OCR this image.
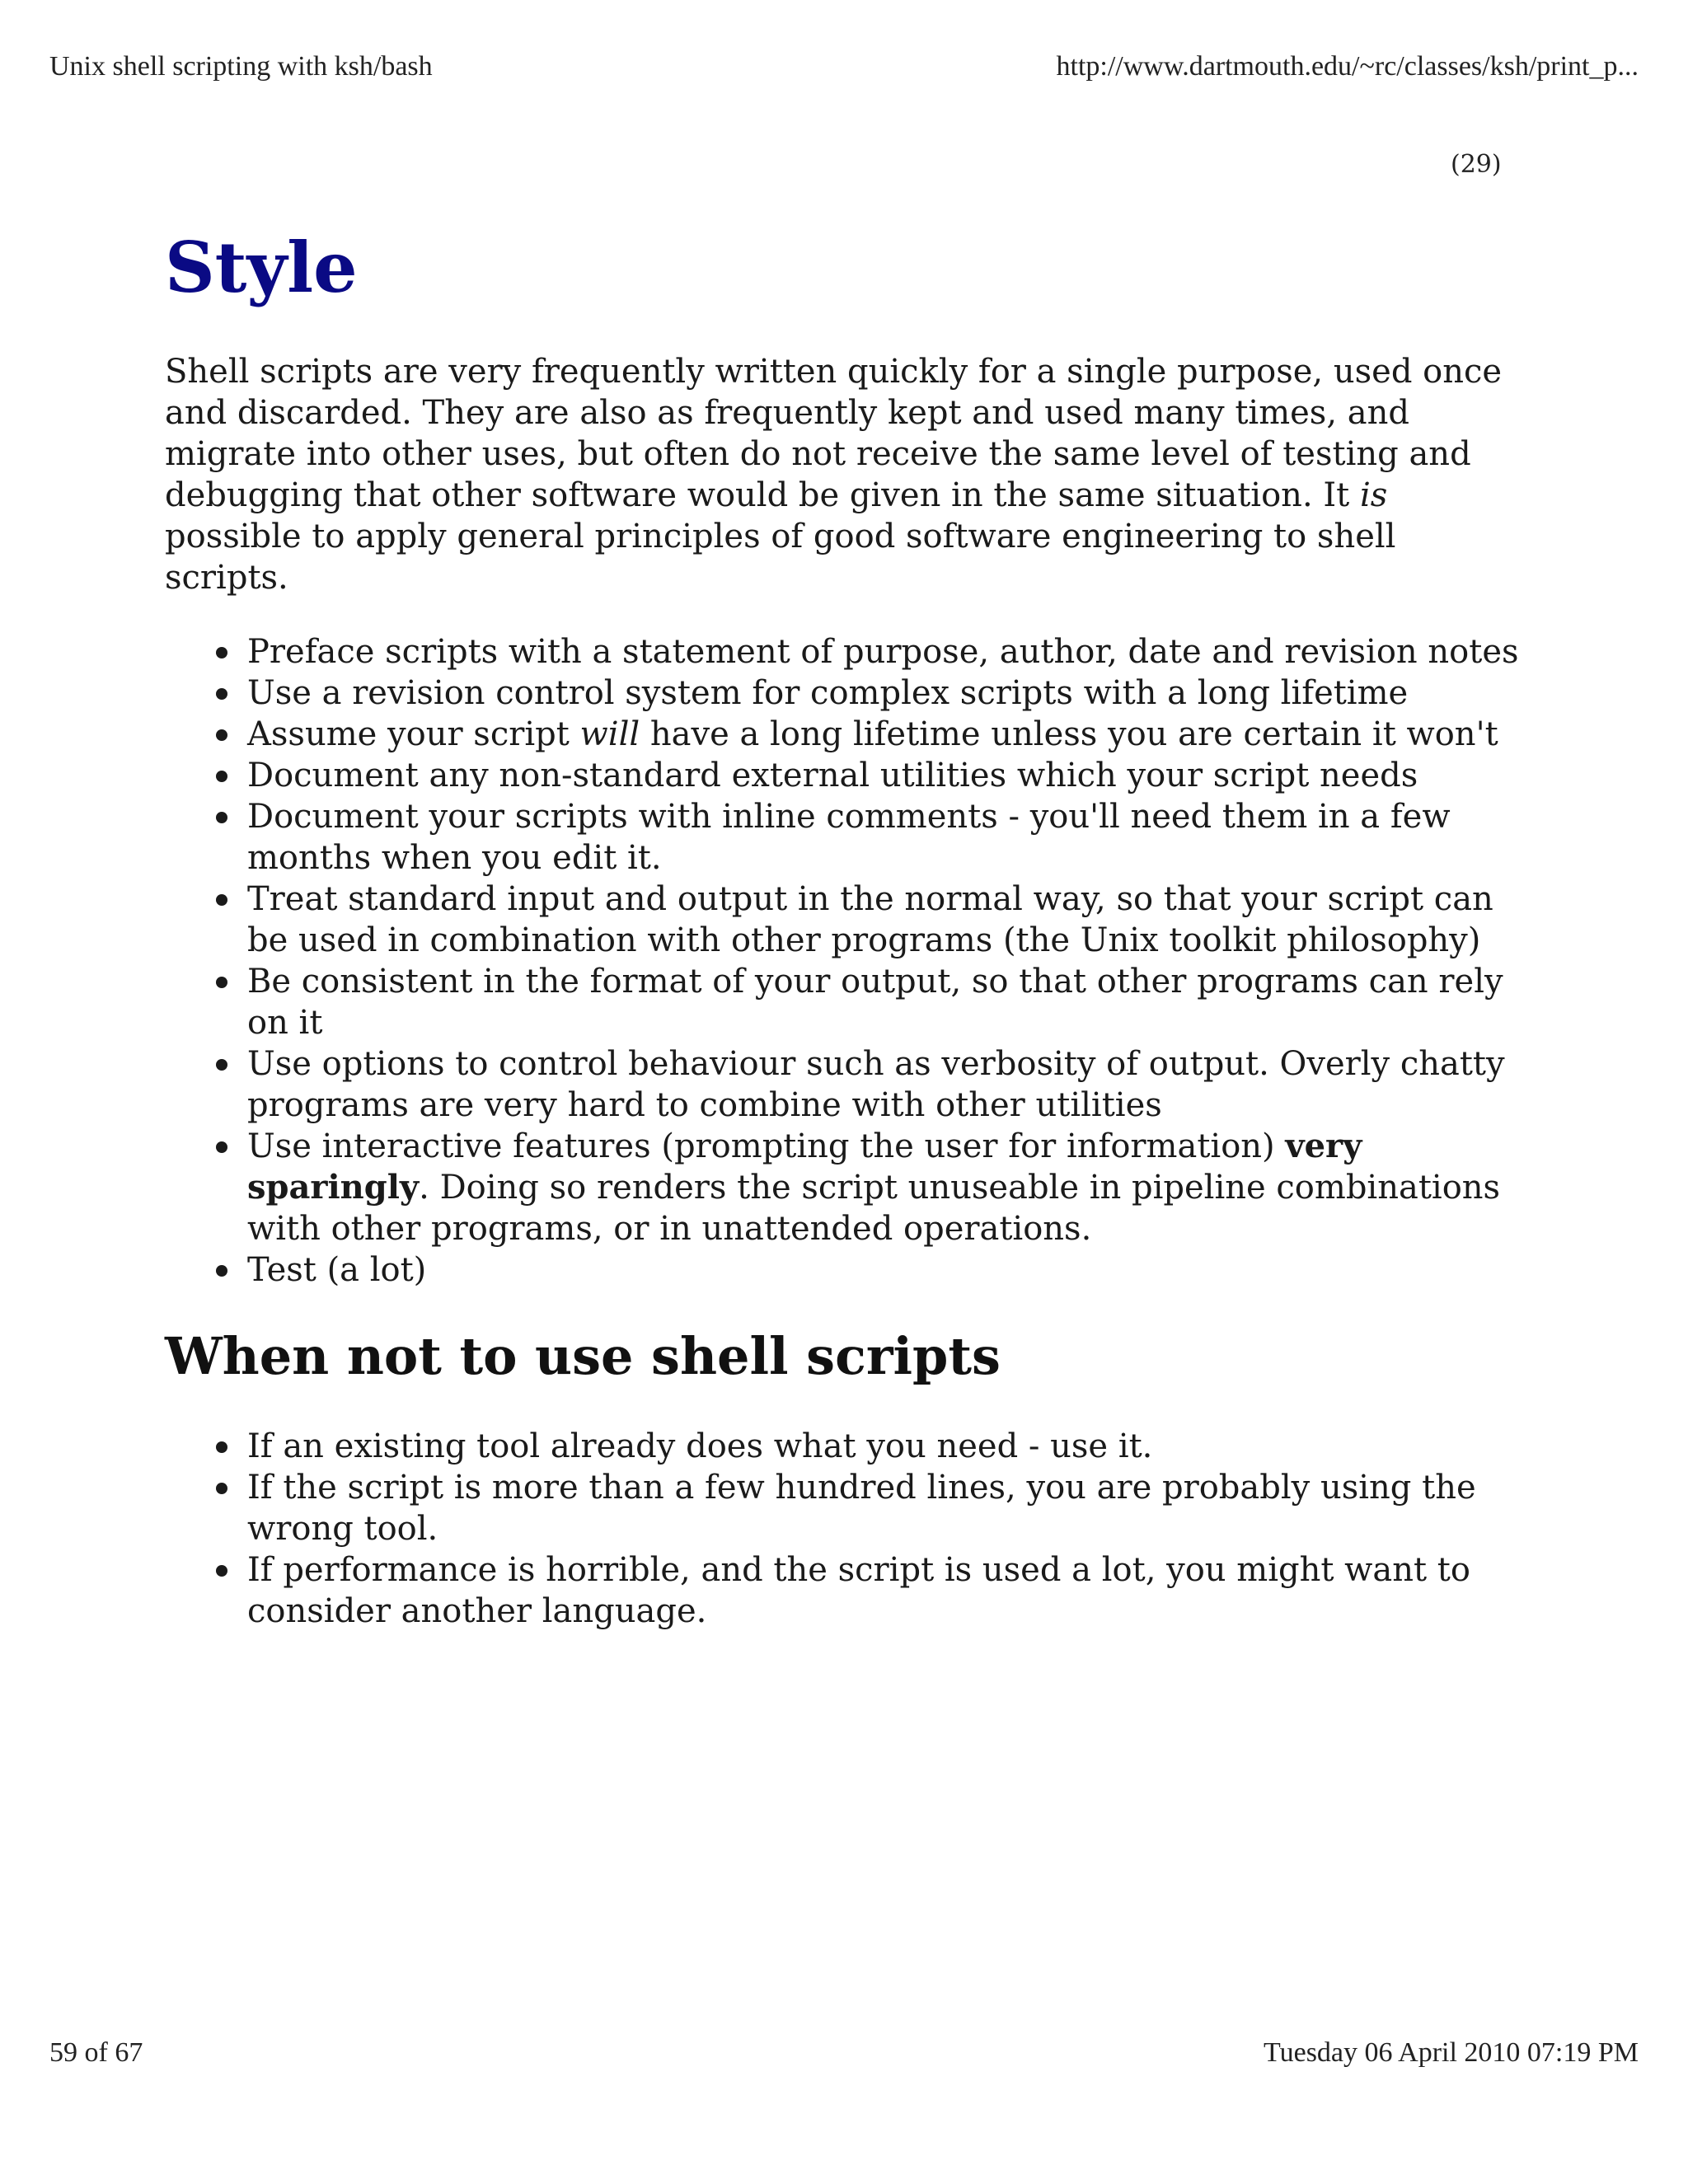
Unix shell scripting with ksh/bash	http://www.dartmouth.edu/~rc/classes/ksh/print_p...
(29)
Style

Shell scripts are very frequently written quickly for a single purpose, used once and discarded. They are also as frequently kept and used many times, and migrate into other uses, but often do not receive the same level of testing and debugging that other software would be given in the same situation. It is possible to apply general principles of good software engineering to shell scripts.

Preface scripts with a statement of purpose, author, date and revision notes
Use a revision control system for complex scripts with a long lifetime
Assume your script will have a long lifetime unless you are certain it won't
Document any non-standard external utilities which your script needs
Document your scripts with inline comments - you'll need them in a few months when you edit it.
Treat standard input and output in the normal way, so that your script can be used in combination with other programs (the Unix toolkit philosophy)
Be consistent in the format of your output, so that other programs can rely on it
Use options to control behaviour such as verbosity of output. Overly chatty programs are very hard to combine with other utilities
Use interactive features (prompting the user for information) very sparingly. Doing so renders the script unuseable in pipeline combinations with other programs, or in unattended operations.
Test (a lot)
When not to use shell scripts
If an existing tool already does what you need - use it.
If the script is more than a few hundred lines, you are probably using the wrong tool.
If performance is horrible, and the script is used a lot, you might want to consider another language.
59 of 67	Tuesday 06 April 2010 07:19 PM
